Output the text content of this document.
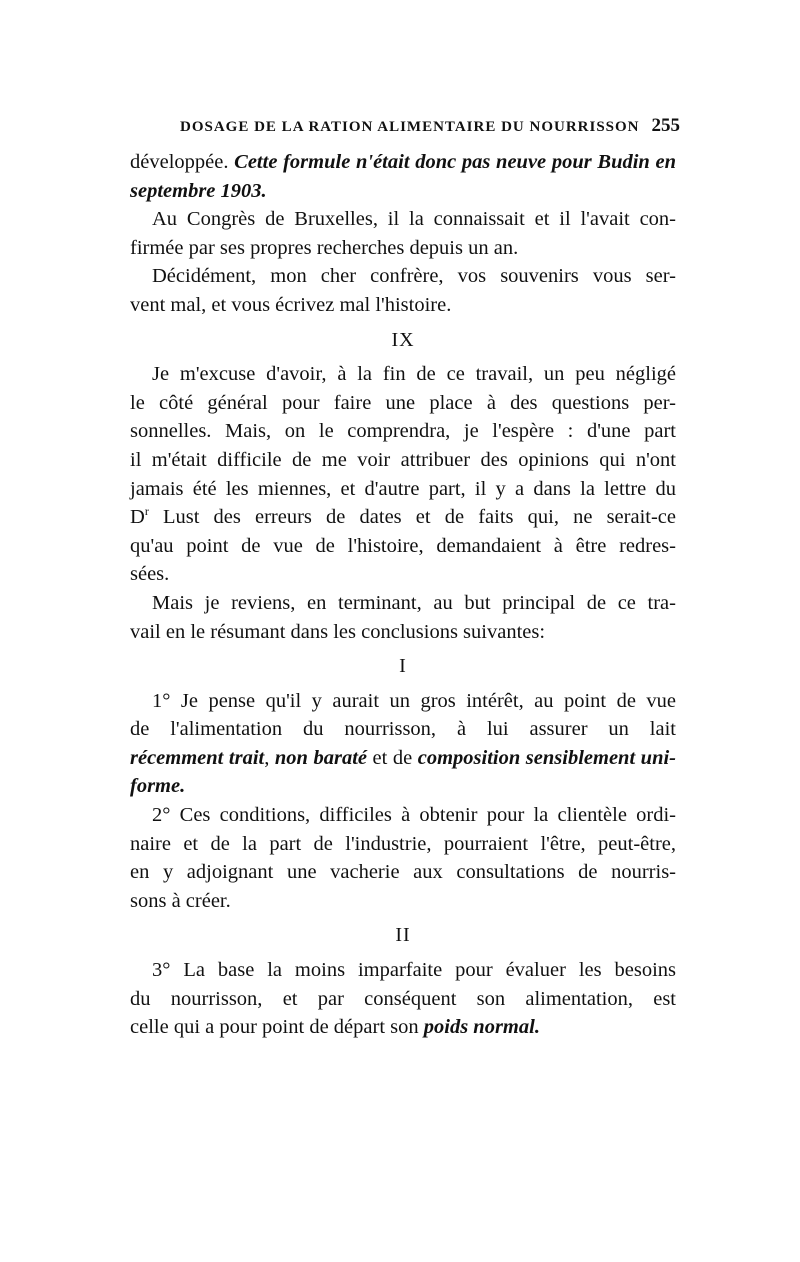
DOSAGE DE LA RATION ALIMENTAIRE DU NOURRISSON 255

développée. Cette formule n'était donc pas neuve pour Budin en
septembre 1903.

Au Congrès de Bruxelles, il la connaissait et il l'avait con-
firmée par ses propres recherches depuis un an.

Décidément, mon cher confrère, vos souvenirs vous ser-
vent mal, et vous écrivez mal l'histoire.

IX

Je m'excuse d'avoir, à la fin de ce travail, un peu négligé
le côté général pour faire une place à des questions per-
sonnelles. Mais, on le comprendra, je l'espère : d'une part
il m'était difficile de me voir attribuer des opinions qui n'ont
jamais été les miennes, et d'autre part, il y a dans la lettre du
$D^r$ Lust des erreurs de dates et de faits qui, ne serait-ce
qu'au point de vue de l'histoire, demandaient à être redres-
sées.

Mais je reviens, en terminant, au but principal de ce tra-
vail en le résumant dans les conclusions suivantes:

I

1° Je pense qu'il y aurait un gros intérêt, au point de vue
de l'alimentation du nourrisson, à lui assurer un lait
récemment trait, non baraté et de composition sensiblement uni-
forme.

2° Ces conditions, difficiles à obtenir pour la clientèle ordi-
naire et de la part de l'industrie, pourraient l'être, peut-être,
en y adjoignant une vacherie aux consultations de nourris-
sons à créer.

II

3° La base la moins imparfaite pour évaluer les besoins
du nourrisson, et par conséquent son alimentation, est
celle qui a pour point de départ son poids normal.
